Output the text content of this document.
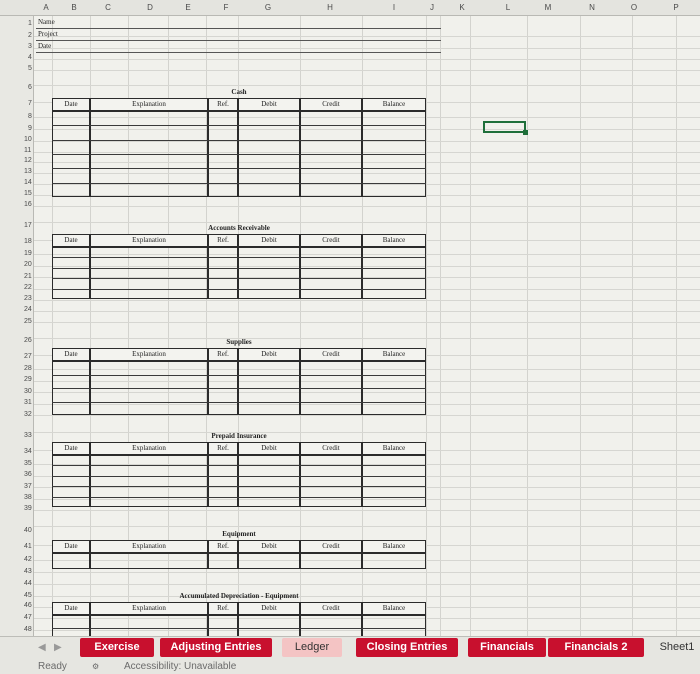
A	B	C	D	E	F	G	H	I	J	K	L	M	N	O	P
1
2
3
4
5
6
7
8
9
10
11
12
13
14
15
16
17
18
19
20
21
22
23
24
25
26
27
28
29
30
31
32
33
34
35
36
37
38
39
40
41
42
43
44
45
46
47
48
Name
Project
Date
Cash
Date	Explanation	Ref.	Debit	Credit	Balance
Accounts Receivable
Date	Explanation	Ref.	Debit	Credit	Balance
Supplies
Date	Explanation	Ref.	Debit	Credit	Balance
Prepaid Insurance
Date	Explanation	Ref.	Debit	Credit	Balance
Equipment
Date	Explanation	Ref.	Debit	Credit	Balance
Accumulated Depreciation - Equipment
Date	Explanation	Ref.	Debit	Credit	Balance
◀ ▶	Exercise	Adjusting Entries	Ledger	Closing Entries	Financials	Financials 2	Sheet1
Ready	⚙ Accessibility: Unavailable
